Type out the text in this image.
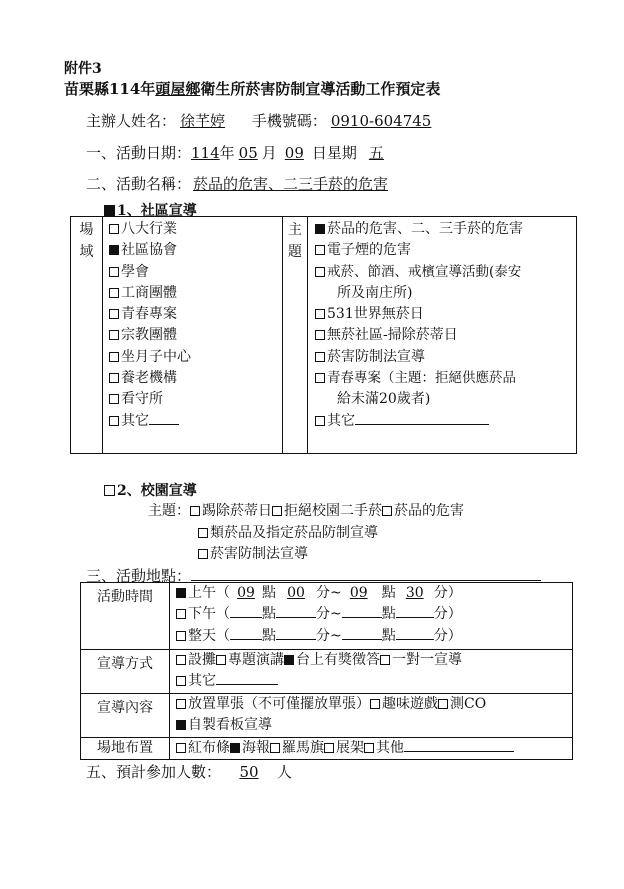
附件3
苗栗縣114年頭屋鄉衛生所菸害防制宣導活動工作預定表
主辦人姓名： 徐芊婷 手機號碼： 0910-604745
一、活動日期：114年 05 月 09 日星期 五
二、活動名稱： 菸品的危害、二三手菸的危害
1、社區宣導
場
域

八大行業
社區協會
學會
工商團體
青春專案
宗教團體
坐月子中心
養老機構
看守所
其它

主
題

菸品的危害、二、三手菸的危害
電子煙的危害
戒菸、節酒、戒檳宣導活動(泰安
所及南庄所)
531世界無菸日
無菸社區-掃除菸蒂日
菸害防制法宣導
青春專案（主題：拒絕供應菸品
給未滿20歲者)
其它
2、校園宣導
主題： 踢除菸蒂日 拒絕校園二手菸 菸品的危害
類菸品及指定菸品防制宣導
菸害防制法宣導
三、活動地點：
活動時間	上午（ 09 點 00 分~ 09 點 30 分）
下午（ 點 分~ 點 分）
整天（ 點 分~ 點 分）

宣導方式	設攤 專題演講 台上有獎徵答 一對一宣導
其它

宣導內容	放置單張（不可僅擺放單張） 趣味遊戲 測CO
自製看板宣導

場地布置	紅布條 海報 羅馬旗 展架 其他
五、預計參加人數： 50 人
